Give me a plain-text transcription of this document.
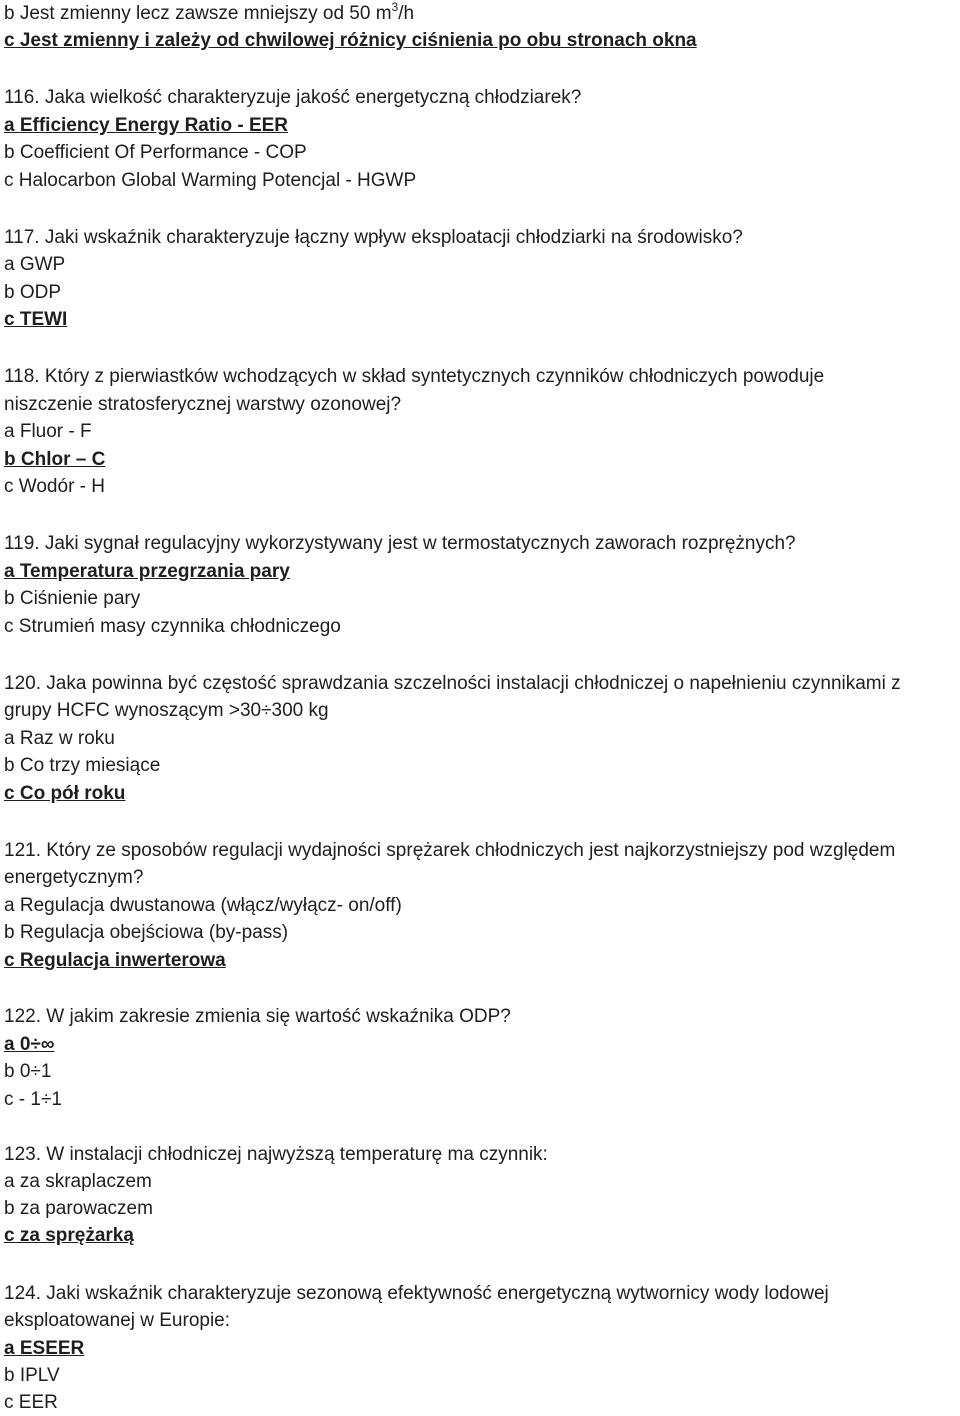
b Jest zmienny lecz zawsze mniejszy od 50 $m^3/h$
c Jest zmienny i zależy od chwilowej różnicy ciśnienia po obu stronach okna
116. Jaka wielkość charakteryzuje jakość energetyczną chłodziarek?
a Efficiency Energy Ratio - EER
b Coefficient Of Performance - COP
c Halocarbon Global Warming Potencjal - HGWP
117. Jaki wskaźnik charakteryzuje łączny wpływ eksploatacji chłodziarki na środowisko?
a GWP
b ODP
c TEWI
118. Który z pierwiastków wchodzących w skład syntetycznych czynników chłodniczych powoduje
niszczenie stratosferycznej warstwy ozonowej?
a Fluor - F
b Chlor – C
c Wodór - H
119. Jaki sygnał regulacyjny wykorzystywany jest w termostatycznych zaworach rozprężnych?
a Temperatura przegrzania pary
b Ciśnienie pary
c Strumień masy czynnika chłodniczego
120. Jaka powinna być częstość sprawdzania szczelności instalacji chłodniczej o napełnieniu czynnikami z
grupy HCFC wynoszącym >30÷300 kg
a Raz w roku
b Co trzy miesiące
c Co pół roku
121. Który ze sposobów regulacji wydajności sprężarek chłodniczych jest najkorzystniejszy pod względem
energetycznym?
a Regulacja dwustanowa (włącz/wyłącz- on/off)
b Regulacja obejściowa (by-pass)
c Regulacja inwerterowa
122. W jakim zakresie zmienia się wartość wskaźnika ODP?
a 0÷∞
b 0÷1
c - 1÷1
123. W instalacji chłodniczej najwyższą temperaturę ma czynnik:
a za skraplaczem
b za parowaczem
c za sprężarką
124. Jaki wskaźnik charakteryzuje sezonową efektywność energetyczną wytwornicy wody lodowej
eksploatowanej w Europie:
a ESEER
b IPLV
c EER
